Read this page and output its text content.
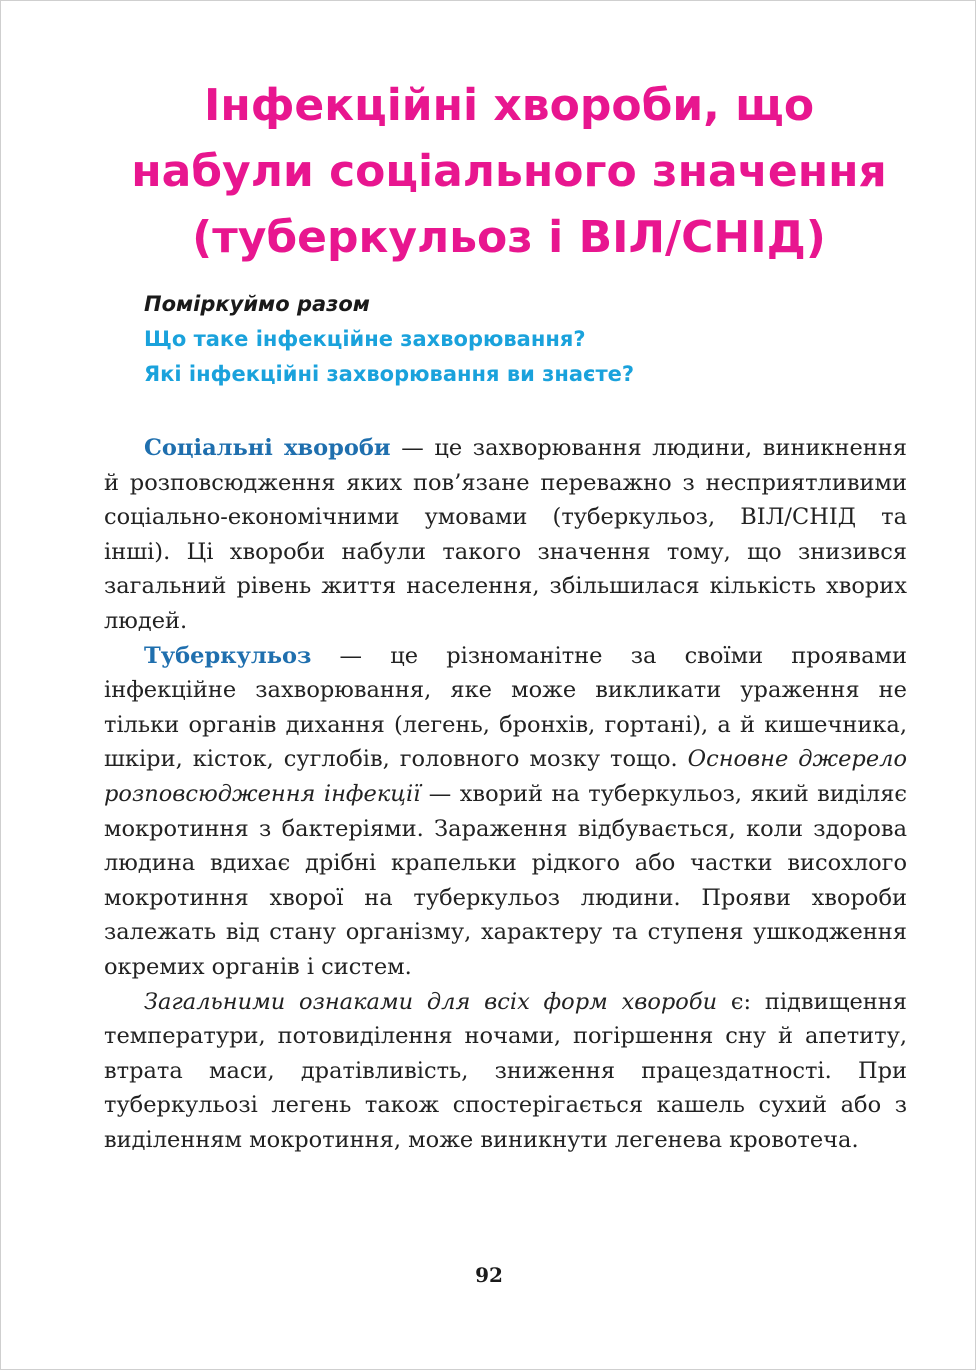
Інфекційні хвороби, що
набули соціального значення
(туберкульоз і ВІЛ/СНІД)
Поміркуймо разом
Що таке інфекційне захворювання?
Які інфекційні захворювання ви знаєте?

Соціальні хвороби — це захворювання людини, виникнення й розповсюдження яких пов’язане переважно з несприятливими соціально-економічними умовами (туберкульоз, ВІЛ/СНІД та інші). Ці хвороби набули такого значення тому, що знизився загальний рівень життя населення, збільшилася кількість хворих людей.

Туберкульоз — це різноманітне за своїми проявами інфекційне захворювання, яке може викликати ураження не тільки органів дихання (легень, бронхів, гортані), а й кишечника, шкіри, кісток, суглобів, головного мозку тощо. Основне джерело розповсюдження інфекції — хворий на туберкульоз, який виділяє мокротиння з бактеріями. Зараження відбувається, коли здорова людина вдихає дрібні крапельки рідкого або частки висохлого мокротиння хворої на туберкульоз людини. Прояви хвороби залежать від стану організму, характеру та ступеня ушкодження окремих органів і систем.

Загальними ознаками для всіх форм хвороби є: підвищення температури, потовиділення ночами, погіршення сну й апетиту, втрата маси, дратівливість, зниження працездатності. При туберкульозі легень також спостерігається кашель сухий або з виділенням мокротиння, може виникнути легенева кровотеча.

92
